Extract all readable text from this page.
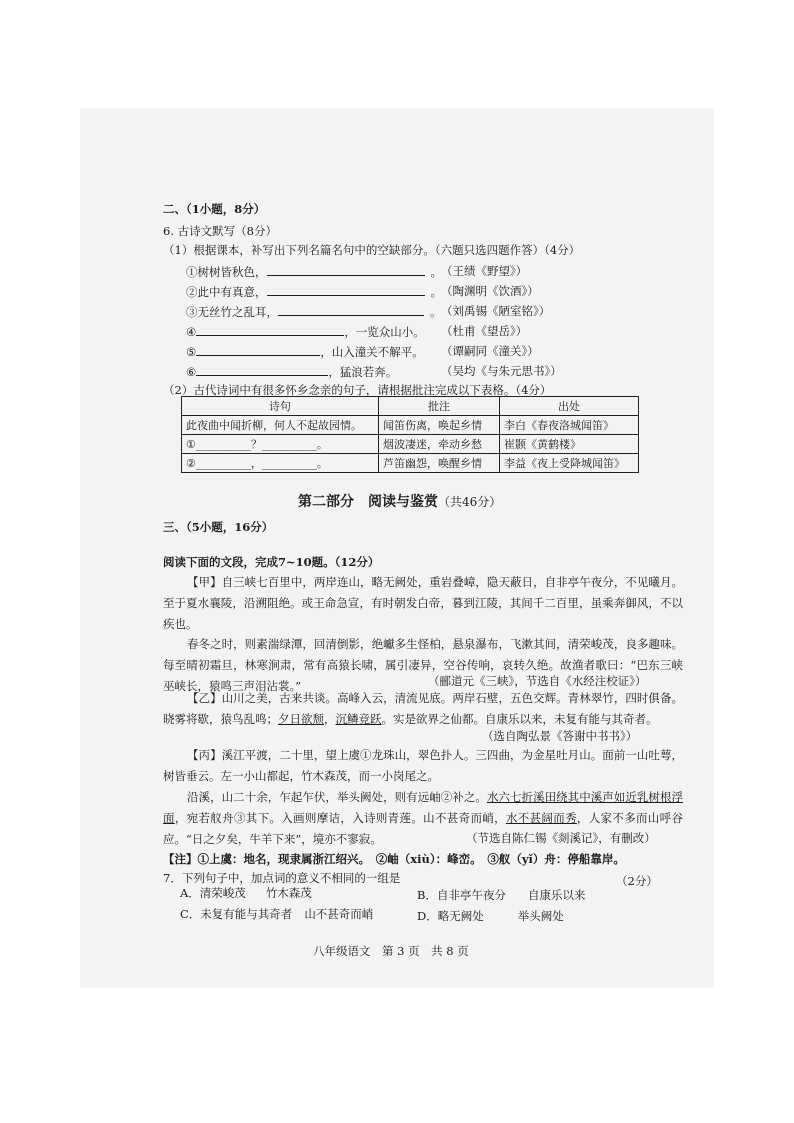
二、（1小题，8分）
6. 古诗文默写（8分）
（1）根据课本，补写出下列名篇名句中的空缺部分。（六题只选四题作答）（4分）
①树树皆秋色，	。 （王绩《野望》）
②此中有真意，	。 （陶渊明《饮酒》）
③无丝竹之乱耳，	。 （刘禹锡《陋室铭》）
④	，一览众山小。 （杜甫《望岳》）
⑤	，山入潼关不解平。 （谭嗣同《潼关》）
⑥	，猛浪若奔。	（吴均《与朱元思书》）
（2）古代诗词中有很多怀乡念亲的句子，请根据批注完成以下表格。（4分）
诗句	批注	出处
此夜曲中闻折柳，何人不起故园情。	闻笛伤离，唤起乡情	李白《春夜洛城闻笛》
①__________？__________。	烟波凄迷，牵动乡愁	崔颢《黄鹤楼》
②__________，__________。	芦笛幽怨，唤醒乡情	李益《夜上受降城闻笛》
第二部分　阅读与鉴赏（共46分）
三、（5小题，16分）
阅读下面的文段，完成7~10题。（12分）
【甲】自三峡七百里中，两岸连山，略无阙处，重岩叠嶂，隐天蔽日，自非亭午夜分，不见曦月。至于夏水襄陵，沿溯阻绝。或王命急宣，有时朝发白帝，暮到江陵，其间千二百里，虽乘奔御风，不以疾也。
春冬之时，则素湍绿潭，回清倒影，绝巘多生怪柏，悬泉瀑布，飞漱其间，清荣峻茂，良多趣味。每至晴初霜旦，林寒涧肃，常有高猿长啸，属引凄异，空谷传响，哀转久绝。故渔者歌曰：“巴东三峡巫峡长，猿鸣三声泪沾裳。”	（郦道元《三峡》，节选自《水经注校证》）
【乙】山川之美，古来共谈。高峰入云，清流见底。两岸石壁，五色交辉。青林翠竹，四时俱备。晓雾将歇，猿鸟乱鸣；夕日欲颓，沉鳞竞跃。实是欲界之仙都。自康乐以来，未复有能与其奇者。
（选自陶弘景《答谢中书书》）
【丙】溪江平渡，二十里，望上虞①龙珠山，翠色扑人。三四曲，为金星吐月山。面前一山吐萼，树皆垂云。左一小山都起，竹木森茂，而一小岗尾之。
沿溪，山二十余，乍起乍伏，举头阙处，则有远岫②补之。水六七折溪田绕其中溪声如近乳树根浮面，宛若舣舟③其下。入画则摩诘，入诗则青莲。山不甚奇而峭，水不甚阔而秀，人家不多而山呼谷应。“日之夕矣，牛羊下来”，境亦不寥寂。	（节选自陈仁锡《剡溪记》，有删改）
【注】①上虞：地名，现隶属浙江绍兴。　②岫（xiù）：峰峦。　③舣（yǐ）舟：停船靠岸。
7．下列句子中，加点词的意义不相同的一组是	（2分）
A．清荣峻茂 竹木森茂	B．自非亭午夜分 自康乐以来
C．未复有能与其奇者 山不甚奇而峭	D．略无阙处	举头阙处
八年级语文　第 3 页　共 8 页
